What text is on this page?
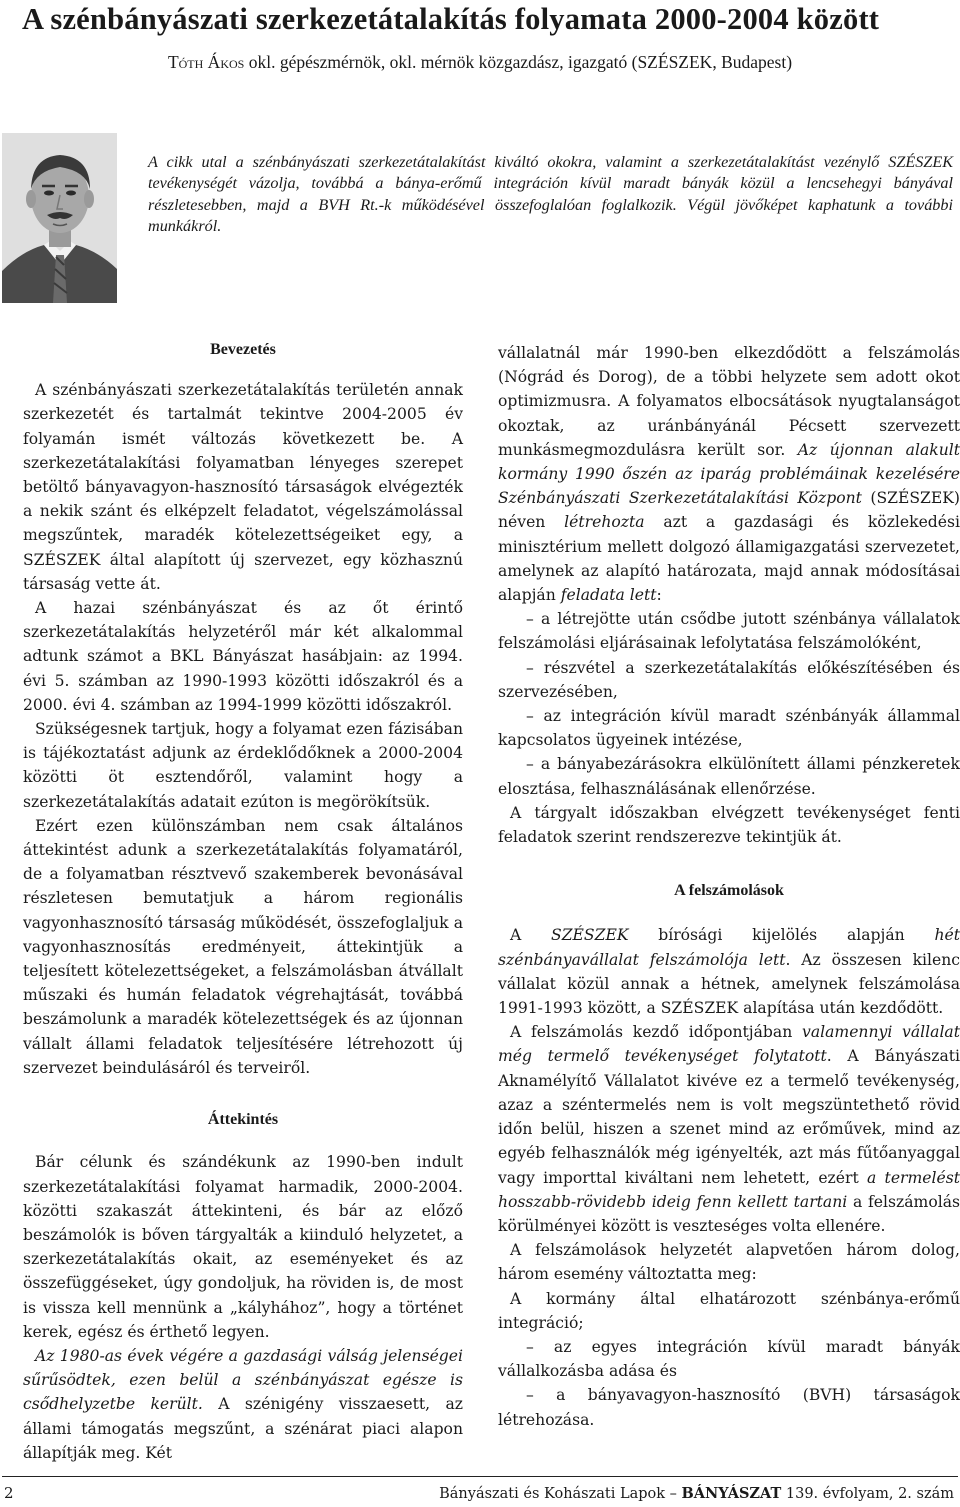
A szénbányászati szerkezetátalakítás folyamata 2000-2004 között
Tóth Ákos okl. gépészmérnök, okl. mérnök közgazdász, igazgató (SZÉSZEK, Budapest)

A cikk utal a szénbányászati szerkezetátalakítást kiváltó okokra, valamint a szerkezetátalakítást vezénylő SZÉSZEK tevékenységét vázolja, továbbá a bánya-erőmű integráción kívül maradt bányák közül a lencsehegyi bányával részletesebben, majd a BVH Rt.-k működésével összefoglalóan foglalkozik. Végül jövőképet kaphatunk a további munkákról.

Bevezetés

A szénbányászati szerkezetátalakítás területén annak szerkezetét és tartalmát tekintve 2004-2005 év folyamán ismét változás következett be. A szerkezetátalakítási folyamatban lényeges szerepet betöltő bányavagyon-hasznosító társaságok elvégezték a nekik szánt és elképzelt feladatot, végelszámolással megszűntek, maradék kötelezettségeiket egy, a SZÉSZEK által alapított új szervezet, egy közhasznú társaság vette át.

A hazai szénbányászat és az őt érintő szerkezetátalakítás helyzetéről már két alkalommal adtunk számot a BKL Bányászat hasábjain: az 1994. évi 5. számban az 1990-1993 közötti időszakról és a 2000. évi 4. számban az 1994-1999 közötti időszakról.

Szükségesnek tartjuk, hogy a folyamat ezen fázisában is tájékoztatást adjunk az érdeklődőknek a 2000-2004 közötti öt esztendőről, valamint hogy a szerkezetátalakítás adatait ezúton is megörökítsük.

Ezért ezen különszámban nem csak általános áttekintést adunk a szerkezetátalakítás folyamatáról, de a folyamatban résztvevő szakemberek bevonásával részletesen bemutatjuk a három regionális vagyonhasznosító társaság működését, összefoglaljuk a vagyonhasznosítás eredményeit, áttekintjük a teljesített kötelezettségeket, a felszámolásban átvállalt műszaki és humán feladatok végrehajtását, továbbá beszámolunk a maradék kötelezettségek és az újonnan vállalt állami feladatok teljesítésére létrehozott új szervezet beindulásáról és terveiről.

Áttekintés

Bár célunk és szándékunk az 1990-ben indult szerkezetátalakítási folyamat harmadik, 2000-2004. közötti szakaszát áttekinteni, és bár az előző beszámolók is bőven tárgyalták a kiinduló helyzetet, a szerkezetátalakítás okait, az eseményeket és az összefüggéseket, úgy gondoljuk, ha röviden is, de most is vissza kell mennünk a „kályhához”, hogy a történet kerek, egész és érthető legyen.

Az 1980-as évek végére a gazdasági válság jelenségei sűrűsödtek, ezen belül a szénbányászat egésze is csődhelyzetbe került. A szénigény visszaesett, az állami támogatás megszűnt, a szénárat piaci alapon állapítják meg. Két

vállalatnál már 1990-ben elkezdődött a felszámolás (Nógrád és Dorog), de a többi helyzete sem adott okot optimizmusra. A folyamatos elbocsátások nyugtalanságot okoztak, az uránbányánál Pécsett szervezett munkásmegmozdulásra került sor. Az újonnan alakult kormány 1990 őszén az iparág problémáinak kezelésére Szénbányászati Szerkezetátalakítási Központ (SZÉSZEK) néven létrehozta azt a gazdasági és közlekedési minisztérium mellett dolgozó államigazgatási szervezetet, amelynek az alapító határozata, majd annak módosításai alapján feladata lett:

– a létrejötte után csődbe jutott szénbánya vállalatok felszámolási eljárásainak lefolytatása felszámolóként,

– részvétel a szerkezetátalakítás előkészítésében és szervezésében,

– az integráción kívül maradt szénbányák állammal kapcsolatos ügyeinek intézése,

– a bányabezárásokra elkülönített állami pénzkeretek elosztása, felhasználásának ellenőrzése.

A tárgyalt időszakban elvégzett tevékenységet fenti feladatok szerint rendszerezve tekintjük át.

A felszámolások

A SZÉSZEK bírósági kijelölés alapján hét szénbányavállalat felszámolója lett. Az összesen kilenc vállalat közül annak a hétnek, amelynek felszámolása 1991-1993 között, a SZÉSZEK alapítása után kezdődött.

A felszámolás kezdő időpontjában valamennyi vállalat még termelő tevékenységet folytatott. A Bányászati Aknamélyítő Vállalatot kivéve ez a termelő tevékenység, azaz a széntermelés nem is volt megszüntethető rövid időn belül, hiszen a szenet mind az erőművek, mind az egyéb felhasználók még igényelték, azt más fűtőanyaggal vagy importtal kiváltani nem lehetett, ezért a termelést hosszabb-rövidebb ideig fenn kellett tartani a felszámolás körülményei között is veszteséges volta ellenére.

A felszámolások helyzetét alapvetően három dolog, három esemény változtatta meg:

A kormány által elhatározott szénbánya-erőmű integráció;

– az egyes integráción kívül maradt bányák vállalkozásba adása és

– a bányavagyon-hasznosító (BVH) társaságok létrehozása.

2	Bányászati és Kohászati Lapok – BÁNYÁSZAT 139. évfolyam, 2. szám
